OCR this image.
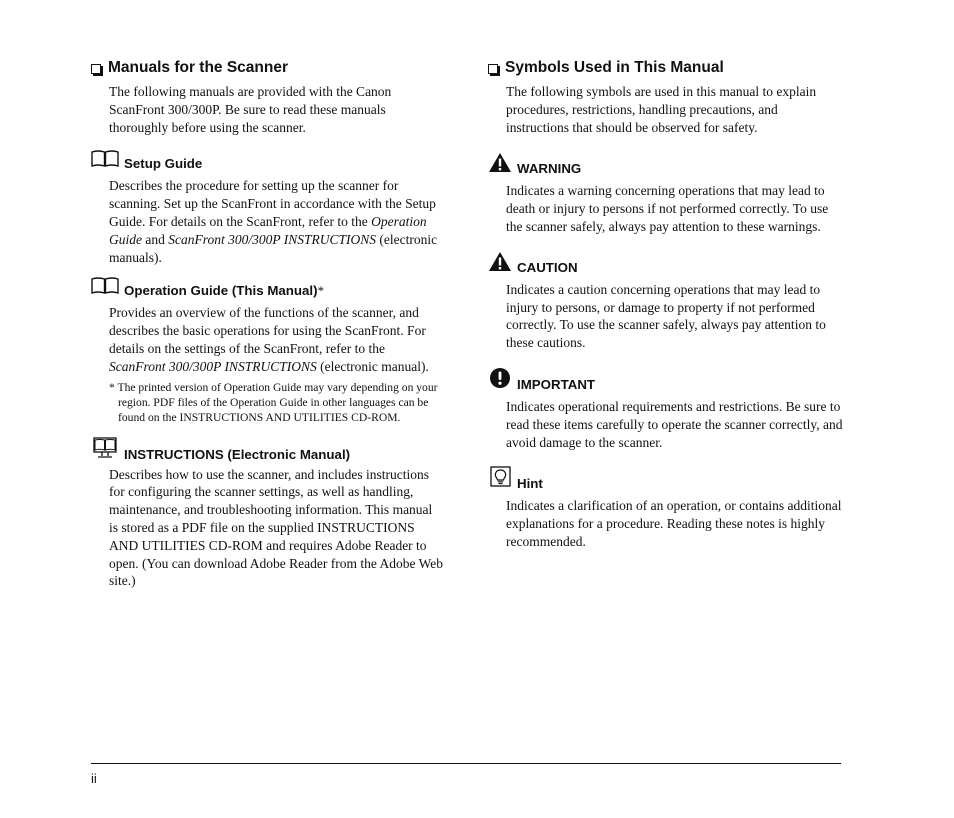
Manuals for the Scanner

The following manuals are provided with the Canon ScanFront 300/300P. Be sure to read these manuals thoroughly before using the scanner.

Setup Guide

Describes the procedure for setting up the scanner for scanning. Set up the ScanFront in accordance with the Setup Guide. For details on the ScanFront, refer to the Operation Guide and ScanFront 300/300P INSTRUCTIONS (electronic manuals).

Operation Guide (This Manual) *

Provides an overview of the functions of the scanner, and describes the basic operations for using the ScanFront. For details on the settings of the ScanFront, refer to the ScanFront 300/300P INSTRUCTIONS (electronic manual).

* The printed version of Operation Guide may vary depending on your region. PDF files of the Operation Guide in other languages can be found on the INSTRUCTIONS AND UTILITIES CD-ROM.

INSTRUCTIONS (Electronic Manual)

Describes how to use the scanner, and includes instructions for configuring the scanner settings, as well as handling, maintenance, and troubleshooting information. This manual is stored as a PDF file on the supplied INSTRUCTIONS AND UTILITIES CD-ROM and requires Adobe Reader to open. (You can download Adobe Reader from the Adobe Web site.)

Symbols Used in This Manual

The following symbols are used in this manual to explain procedures, restrictions, handling precautions, and instructions that should be observed for safety.

WARNING

Indicates a warning concerning operations that may lead to death or injury to persons if not performed correctly. To use the scanner safely, always pay attention to these warnings.

CAUTION

Indicates a caution concerning operations that may lead to injury to persons, or damage to property if not performed correctly. To use the scanner safely, always pay attention to these cautions.

IMPORTANT

Indicates operational requirements and restrictions. Be sure to read these items carefully to operate the scanner correctly, and avoid damage to the scanner.

Hint

Indicates a clarification of an operation, or contains additional explanations for a procedure. Reading these notes is highly recommended.

ii
